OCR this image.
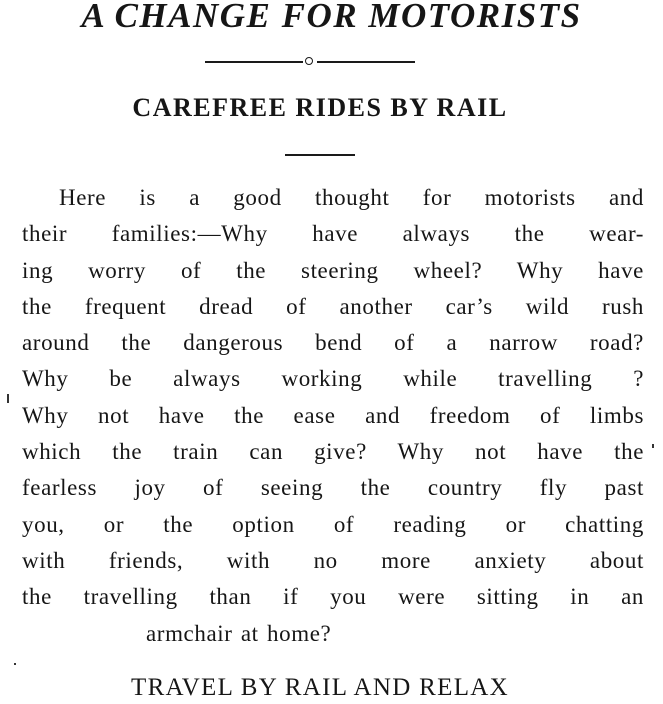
A CHANGE FOR MOTORISTS
CAREFREE RIDES BY RAIL
Here is a good thought for motorists and
their families:—Why have always the wear-
ing worry of the steering wheel? Why have
the frequent dread of another car’s wild rush
around the dangerous bend of a narrow road?
Why be always working while travelling ?
Why not have the ease and freedom of limbs
which the train can give? Why not have the
fearless joy of seeing the country fly past
you, or the option of reading or chatting
with friends, with no more anxiety about
the travelling than if you were sitting in an
armchair at home?

TRAVEL BY RAIL AND RELAX
